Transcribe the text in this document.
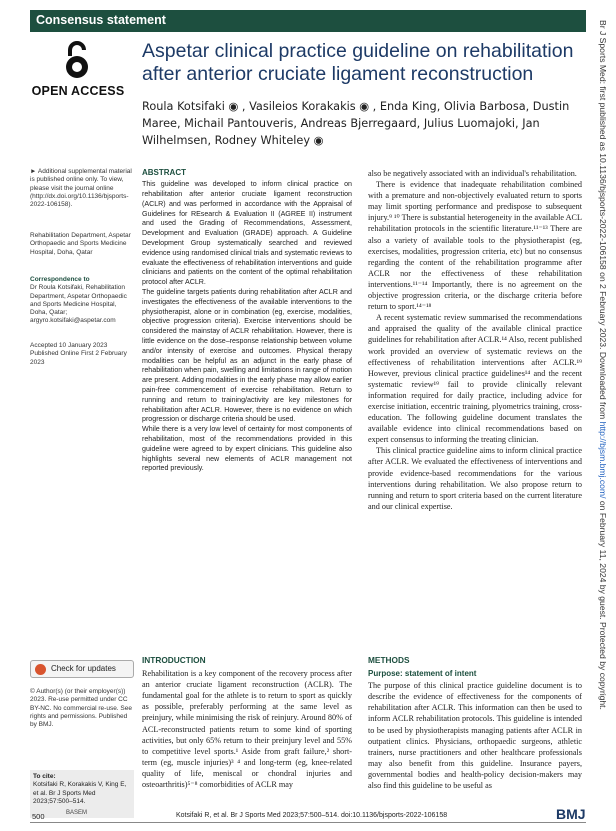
Consensus statement
OPEN ACCESS
Aspetar clinical practice guideline on rehabilitation after anterior cruciate ligament reconstruction
Roula Kotsifaki ◉ , Vasileios Korakakis ◉ , Enda King, Olivia Barbosa, Dustin Maree, Michail Pantouveris, Andreas Bjerregaard, Julius Luomajoki, Jan Wilhelmsen, Rodney Whiteley ◉
► Additional supplemental material is published online only. To view, please visit the journal online (http://dx.doi.org/10.1136/bjsports-2022-106158).
Rehabilitation Department, Aspetar Orthopaedic and Sports Medicine Hospital, Doha, Qatar
Correspondence to
Dr Roula Kotsifaki, Rehabilitation Department, Aspetar Orthopaedic and Sports Medicine Hospital, Doha, Qatar; argyro.kotsifaki@aspetar.com
Accepted 10 January 2023 Published Online First 2 February 2023
Check for updates
© Author(s) (or their employer(s)) 2023. Re-use permitted under CC BY-NC. No commercial re-use. See rights and permissions. Published by BMJ.
To cite:
Kotsifaki R, Korakakis V, King E, et al. Br J Sports Med 2023;57:500–514.
ABSTRACT

This guideline was developed to inform clinical practice on rehabilitation after anterior cruciate ligament reconstruction (ACLR) and was performed in accordance with the Appraisal of Guidelines for REsearch & Evaluation II (AGREE II) instrument and used the Grading of Recommendations, Assessment, Development and Evaluation (GRADE) approach. A Guideline Development Group systematically searched and reviewed evidence using randomised clinical trials and systematic reviews to evaluate the effectiveness of rehabilitation interventions and guide clinicians and patients on the content of the optimal rehabilitation protocol after ACLR.

The guideline targets patients during rehabilitation after ACLR and investigates the effectiveness of the available interventions to the physiotherapist, alone or in combination (eg, exercise, modalities, objective progression criteria). Exercise interventions should be considered the mainstay of ACLR rehabilitation. However, there is little evidence on the dose–response relationship between volume and/or intensity of exercise and outcomes. Physical therapy modalities can be helpful as an adjunct in the early phase of rehabilitation when pain, swelling and limitations in range of motion are present. Adding modalities in the early phase may allow earlier pain-free commencement of exercise rehabilitation. Return to running and return to training/activity are key milestones for rehabilitation after ACLR. However, there is no evidence on which progression or discharge criteria should be used.

While there is a very low level of certainty for most components of rehabilitation, most of the recommendations provided in this guideline were agreed to by expert clinicians. This guideline also highlights several new elements of ACLR management not reported previously.

also be negatively associated with an individual's rehabilitation.

There is evidence that inadequate rehabilitation combined with a premature and non-objectively evaluated return to sports may limit sporting performance and predispose to subsequent injury.⁹ ¹⁰ There is substantial heterogeneity in the available ACL rehabilitation protocols in the scientific literature.¹¹⁻¹³ There are also a variety of available tools to the physiotherapist (eg, exercises, modalities, progression criteria, etc) but no consensus regarding the content of the rehabilitation programme after ACLR nor the effectiveness of these rehabilitation interventions.¹¹⁻¹⁴ Importantly, there is no agreement on the objective progression criteria, or the discharge criteria before return to sport.¹⁴⁻¹⁸

A recent systematic review summarised the recommendations and appraised the quality of the available clinical practice guidelines for rehabilitation after ACLR.¹⁴ Also, recent published work provided an overview of systematic reviews on the effectiveness of rehabilitation interventions after ACLR.¹⁹ However, previous clinical practice guidelines¹⁴ and the recent systematic review¹⁹ fail to provide clinically relevant information required for daily practice, including advice for exercise initiation, eccentric training, plyometrics training, cross-education. The following guideline document translates the available evidence into clinical recommendations based on expert consensus to informing the treating clinician.

This clinical practice guideline aims to inform clinical practice after ACLR. We evaluated the effectiveness of interventions and provide evidence-based recommendations for the various interventions during rehabilitation. We also propose return to running and return to sport criteria based on the current literature and our clinical expertise.

INTRODUCTION

Rehabilitation is a key component of the recovery process after an anterior cruciate ligament reconstruction (ACLR). The fundamental goal for the athlete is to return to sport as quickly as possible, preferably performing at the same level as preinjury, while minimising the risk of reinjury. Around 80% of ACL-reconstructed patients return to some kind of sporting activities, but only 65% return to their preinjury level and 55% to competitive level sports.¹ Aside from graft failure,² short-term (eg, muscle injuries)³ ⁴ and long-term (eg, knee-related quality of life, meniscal or chondral injuries and osteoarthritis)⁵⁻⁸ comorbidities of ACLR may

METHODS
Purpose: statement of intent

The purpose of this clinical practice guideline document is to describe the evidence of effectiveness for the components of rehabilitation after ACLR. This information can then be used to inform ACLR rehabilitation protocols. This guideline is intended to be used by physiotherapists managing patients after ACLR in outpatient clinics. Physicians, orthopaedic surgeons, athletic trainers, nurse practitioners and other healthcare professionals may also benefit from this guideline. Insurance payers, governmental bodies and health-policy decision-makers may also find this guideline to be useful as

500	BASEM	Kotsifaki R, et al. Br J Sports Med 2023;57:500–514. doi:10.1136/bjsports-2022-106158	BMJ
Br J Sports Med: first published as 10.1136/bjsports-2022-106158 on 2 February 2023. Downloaded from http://bjsm.bmj.com/ on February 11, 2024 by guest. Protected by copyright.
